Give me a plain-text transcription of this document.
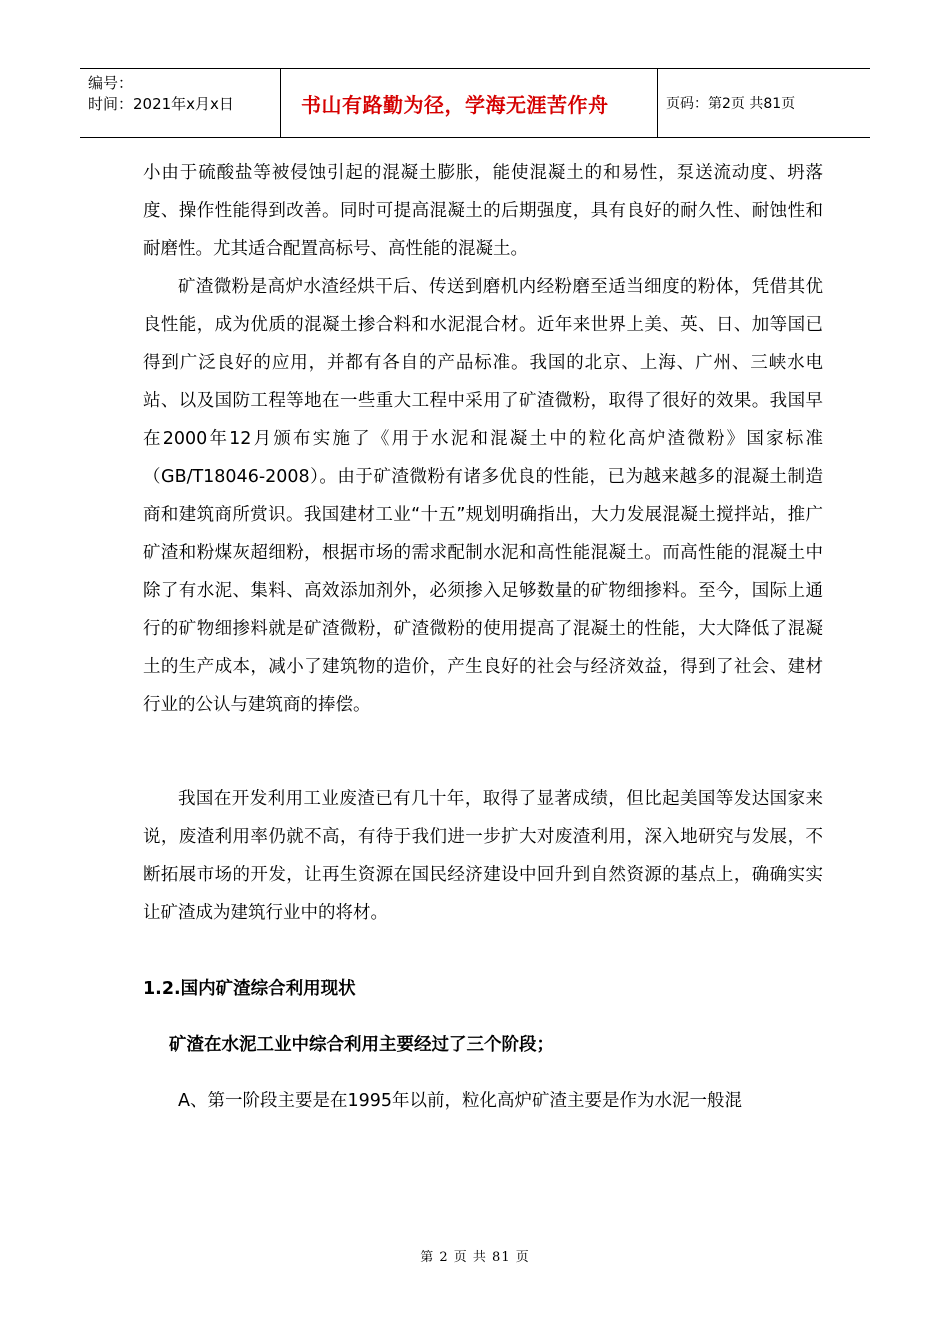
编号：
时间：2021年x月x日	书山有路勤为径，学海无涯苦作舟	页码：第2页 共81页

小由于硫酸盐等被侵蚀引起的混凝土膨胀，能使混凝土的和易性，泵送流动度、坍落度、操作性能得到改善。同时可提高混凝土的后期强度，具有良好的耐久性、耐蚀性和耐磨性。尤其适合配置高标号、高性能的混凝土。

矿渣微粉是高炉水渣经烘干后、传送到磨机内经粉磨至适当细度的粉体，凭借其优良性能，成为优质的混凝土掺合料和水泥混合材。近年来世界上美、英、日、加等国已得到广泛良好的应用，并都有各自的产品标准。我国的北京、上海、广州、三峡水电站、以及国防工程等地在一些重大工程中采用了矿渣微粉，取得了很好的效果。我国早在2000年12月颁布实施了《用于水泥和混凝土中的粒化高炉渣微粉》国家标准（GB/T18046-2008）。由于矿渣微粉有诸多优良的性能，已为越来越多的混凝土制造商和建筑商所赏识。我国建材工业“十五”规划明确指出，大力发展混凝土搅拌站，推广矿渣和粉煤灰超细粉，根据市场的需求配制水泥和高性能混凝土。而高性能的混凝土中除了有水泥、集料、高效添加剂外，必须掺入足够数量的矿物细掺料。至今，国际上通行的矿物细掺料就是矿渣微粉，矿渣微粉的使用提高了混凝土的性能，大大降低了混凝土的生产成本，减小了建筑物的造价，产生良好的社会与经济效益，得到了社会、建材行业的公认与建筑商的捧偿。

我国在开发利用工业废渣已有几十年，取得了显著成绩，但比起美国等发达国家来说，废渣利用率仍就不高，有待于我们进一步扩大对废渣利用，深入地研究与发展，不断拓展市场的开发，让再生资源在国民经济建设中回升到自然资源的基点上，确确实实让矿渣成为建筑行业中的将材。

1.2.国内矿渣综合利用现状

矿渣在水泥工业中综合利用主要经过了三个阶段；

A、第一阶段主要是在1995年以前，粒化高炉矿渣主要是作为水泥一般混

第 2 页 共 81 页
